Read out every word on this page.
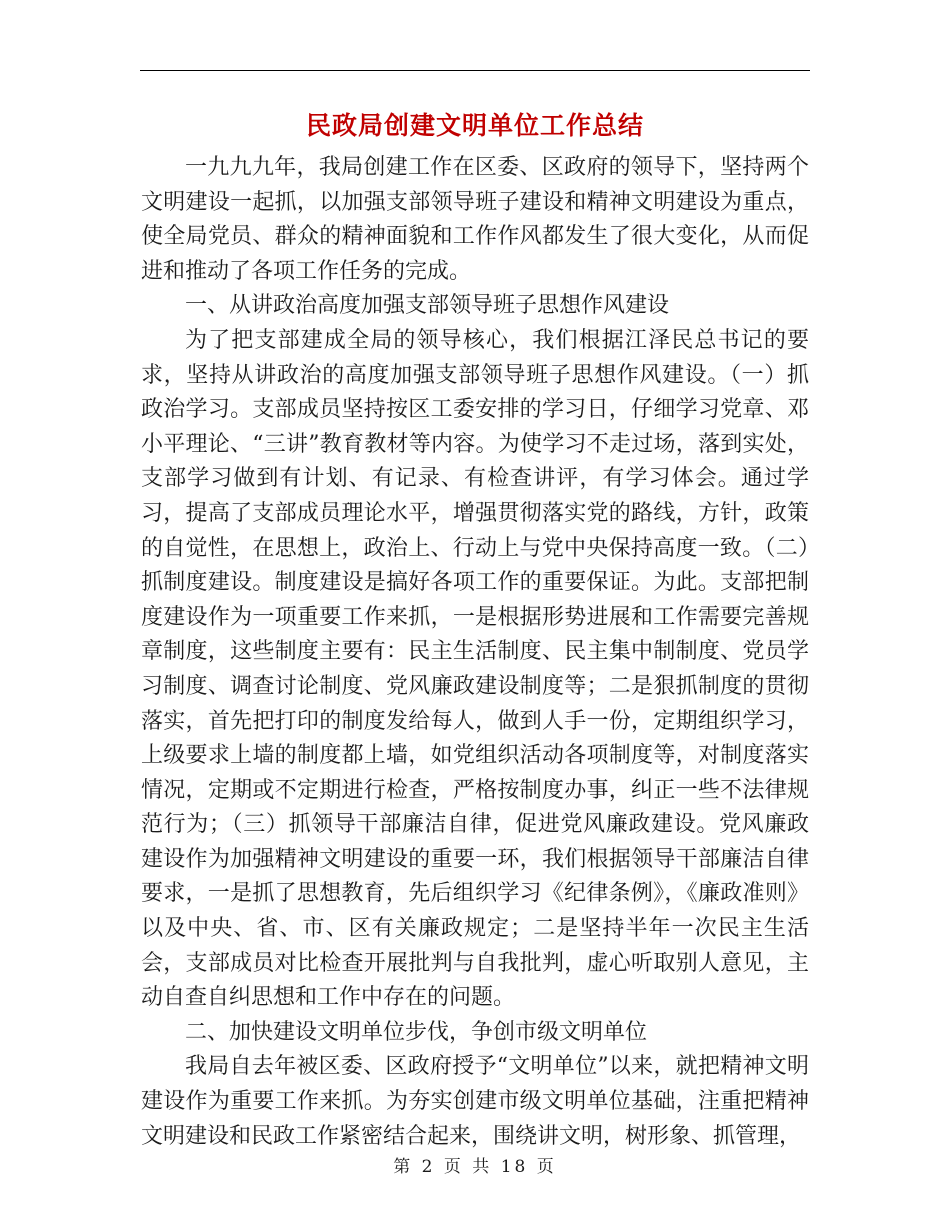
民政局创建文明单位工作总结

一九九九年，我局创建工作在区委、区政府的领导下，坚持两个文明建设一起抓，以加强支部领导班子建设和精神文明建设为重点，使全局党员、群众的精神面貌和工作作风都发生了很大变化，从而促进和推动了各项工作任务的完成。

一、从讲政治高度加强支部领导班子思想作风建设

为了把支部建成全局的领导核心，我们根据江泽民总书记的要求，坚持从讲政治的高度加强支部领导班子思想作风建设。（一）抓政治学习。支部成员坚持按区工委安排的学习日，仔细学习党章、邓小平理论、“三讲”教育教材等内容。为使学习不走过场，落到实处，支部学习做到有计划、有记录、有检查讲评，有学习体会。通过学习，提高了支部成员理论水平，增强贯彻落实党的路线，方针，政策的自觉性，在思想上，政治上、行动上与党中央保持高度一致。（二）抓制度建设。制度建设是搞好各项工作的重要保证。为此。支部把制度建设作为一项重要工作来抓，一是根据形势进展和工作需要完善规章制度，这些制度主要有：民主生活制度、民主集中制制度、党员学习制度、调查讨论制度、党风廉政建设制度等；二是狠抓制度的贯彻落实，首先把打印的制度发给每人，做到人手一份，定期组织学习，上级要求上墙的制度都上墙，如党组织活动各项制度等，对制度落实情况，定期或不定期进行检查，严格按制度办事，纠正一些不法律规范行为；（三）抓领导干部廉洁自律，促进党风廉政建设。党风廉政建设作为加强精神文明建设的重要一环，我们根据领导干部廉洁自律要求，一是抓了思想教育，先后组织学习《纪律条例》，《廉政准则》以及中央、省、市、区有关廉政规定；二是坚持半年一次民主生活会，支部成员对比检查开展批判与自我批判，虚心听取别人意见，主动自查自纠思想和工作中存在的问题。

二、加快建设文明单位步伐，争创市级文明单位

我局自去年被区委、区政府授予“文明单位”以来，就把精神文明建设作为重要工作来抓。为夯实创建市级文明单位基础，注重把精神文明建设和民政工作紧密结合起来，围绕讲文明，树形象、抓管理，

第 2 页 共 18 页
